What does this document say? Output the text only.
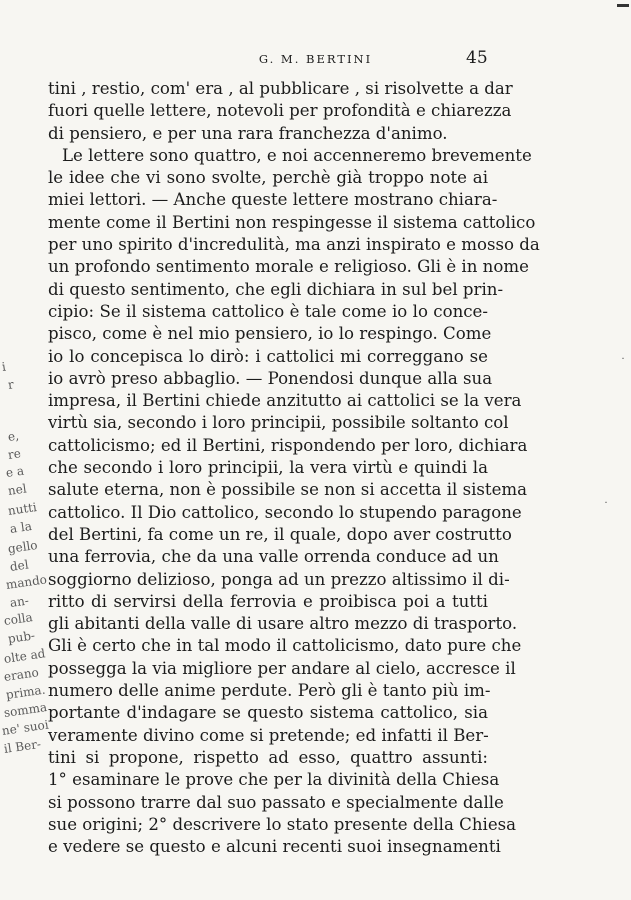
G. M. BERTINI	45
tini , restio, com' era , al pubblicare , si risolvette a dar
fuori quelle lettere, notevoli per profondità e chiarezza
di pensiero, e per una rara franchezza d'animo.
Le lettere sono quattro, e noi accenneremo brevemente
le idee che vi sono svolte, perchè già troppo note ai
miei lettori. — Anche queste lettere mostrano chiara-
mente come il Bertini non respingesse il sistema cattolico
per uno spirito d'incredulità, ma anzi inspirato e mosso da
un profondo sentimento morale e religioso. Gli è in nome
di questo sentimento, che egli dichiara in sul bel prin-
cipio: Se il sistema cattolico è tale come io lo conce-
pisco, come è nel mio pensiero, io lo respingo. Come
io lo concepisca lo dirò: i cattolici mi correggano se
io avrò preso abbaglio. — Ponendosi dunque alla sua
impresa, il Bertini chiede anzitutto ai cattolici se la vera
virtù sia, secondo i loro principii, possibile soltanto col
cattolicismo; ed il Bertini, rispondendo per loro, dichiara
che secondo i loro principii, la vera virtù e quindi la
salute eterna, non è possibile se non si accetta il sistema
cattolico. Il Dio cattolico, secondo lo stupendo paragone
del Bertini, fa come un re, il quale, dopo aver costrutto
una ferrovia, che da una valle orrenda conduce ad un
soggiorno delizioso, ponga ad un prezzo altissimo il di-
ritto di servirsi della ferrovia e proibisca poi a tutti
gli abitanti della valle di usare altro mezzo di trasporto.
Gli è certo che in tal modo il cattolicismo, dato pure che
possegga la via migliore per andare al cielo, accresce il
numero delle anime perdute. Però gli è tanto più im-
portante d'indagare se questo sistema cattolico, sia
veramente divino come si pretende; ed infatti il Ber-
tini si propone, rispetto ad esso, quattro assunti:
1° esaminare le prove che per la divinità della Chiesa
si possono trarre dal suo passato e specialmente dalle
sue origini; 2° descrivere lo stato presente della Chiesa
e vedere se questo e alcuni recenti suoi insegnamenti
i
r
e,
re
e a
nel
nutti
a la
gello
del
mando
an-
colla
pub-
olte ad
erano
prima.
somma
ne' suoi
il Ber-
˙
˙
